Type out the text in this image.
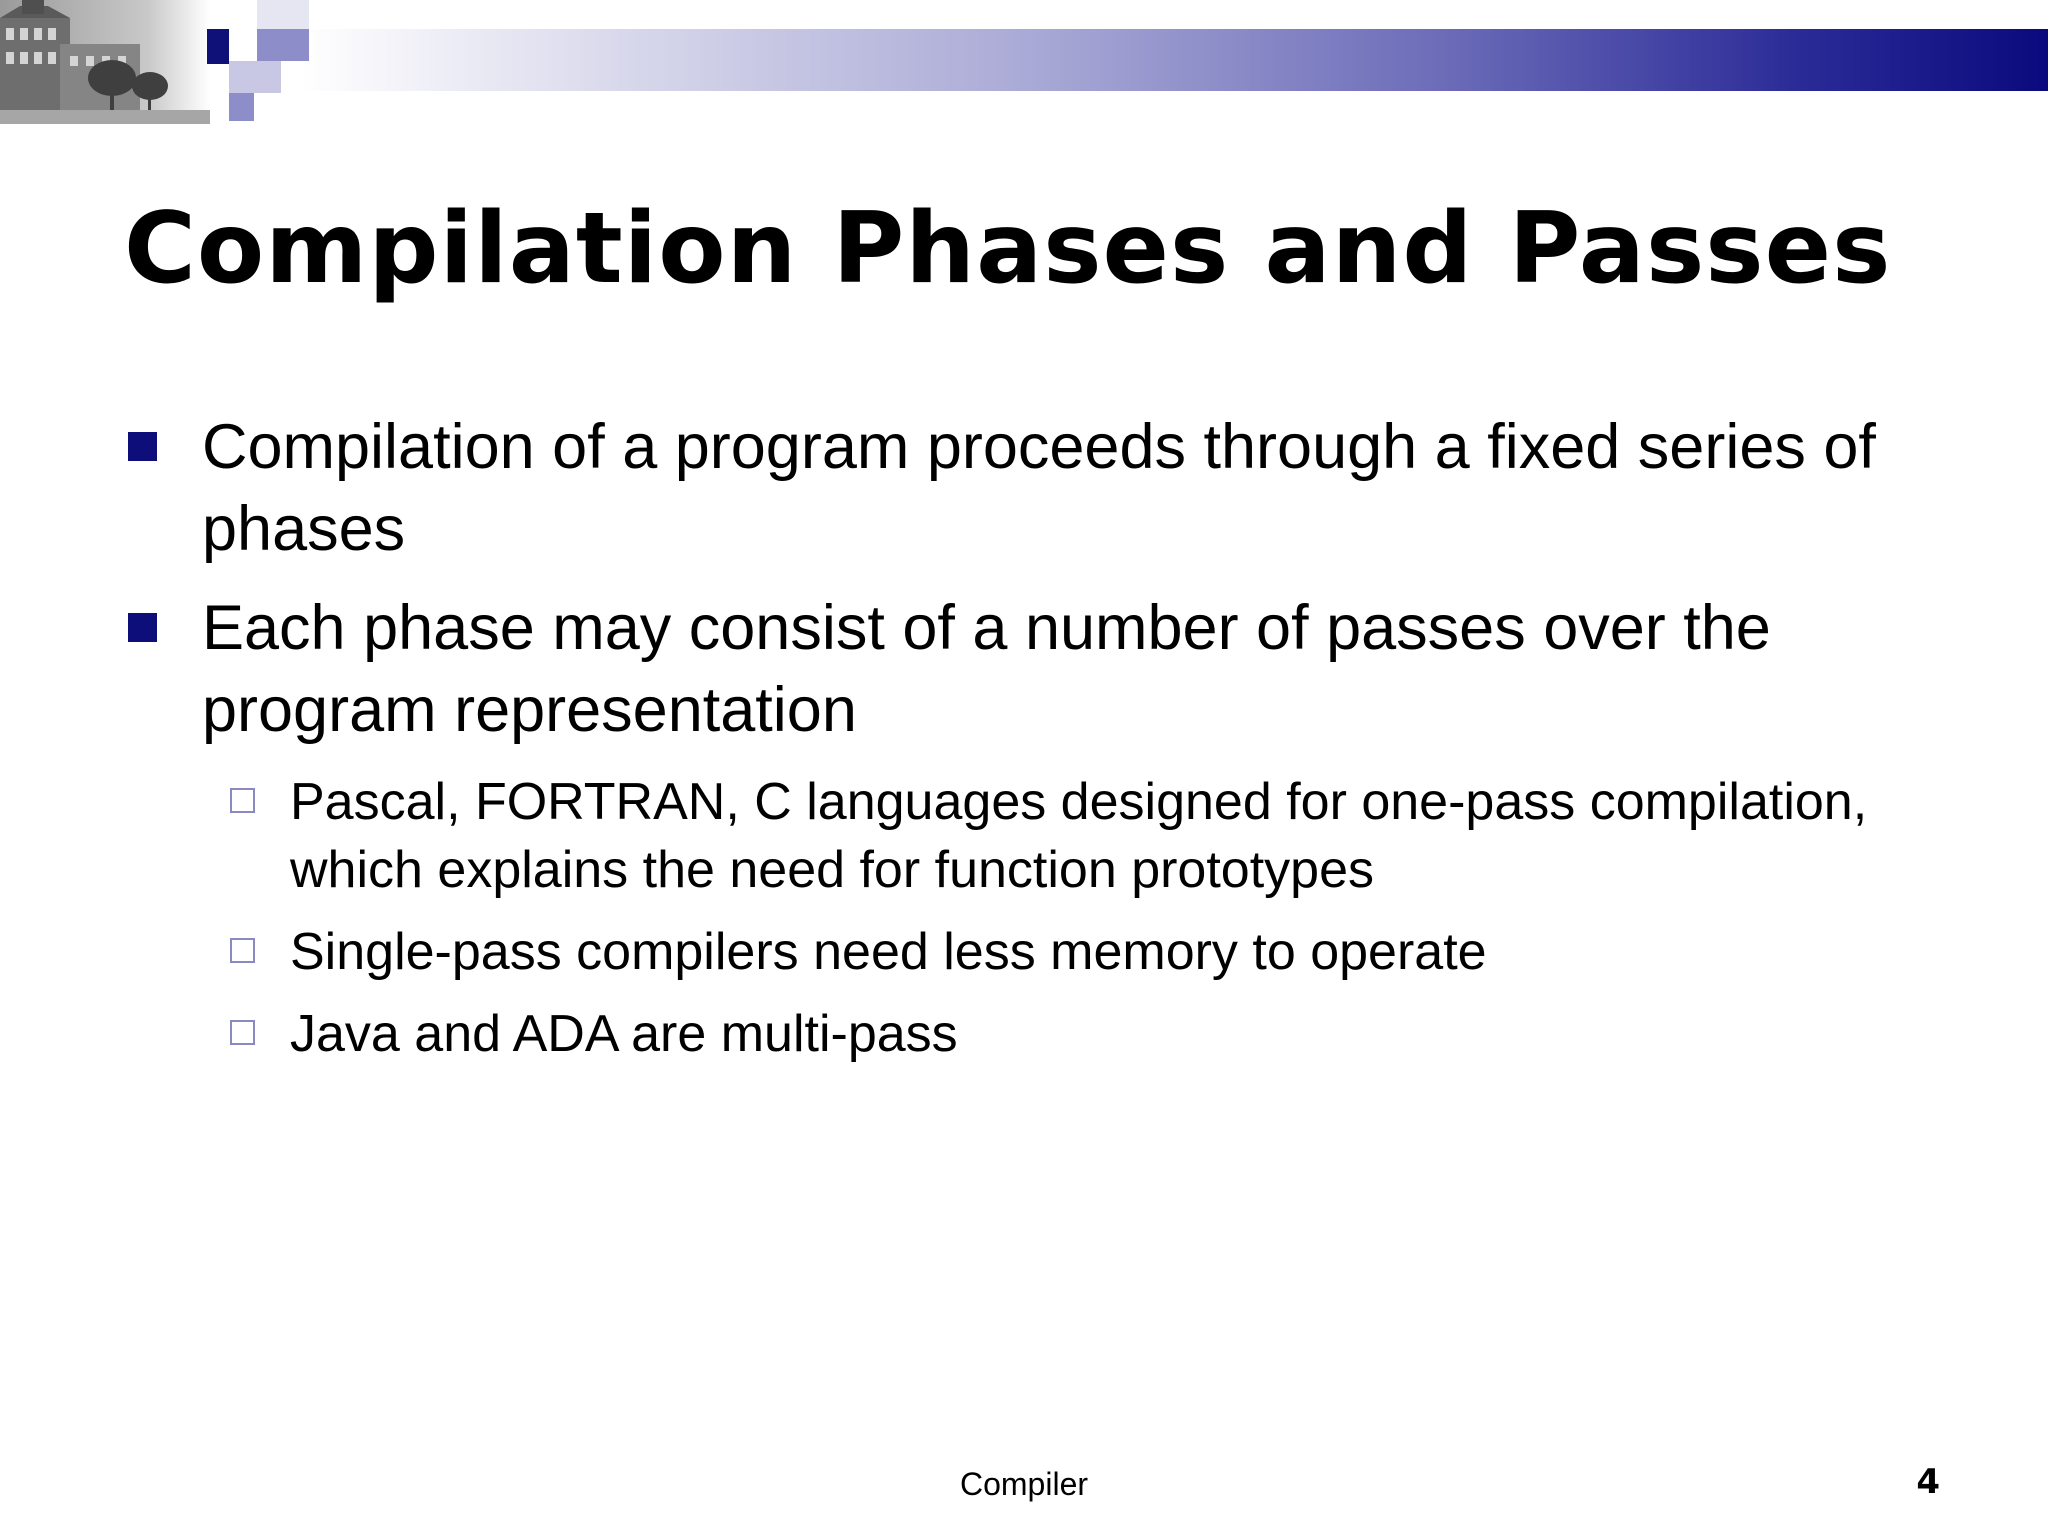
Compilation Phases and Passes
Compilation of a program proceeds through a fixed series of phases
Each phase may consist of a number of passes over the program representation
Pascal, FORTRAN, C languages designed for one-pass compilation, which explains the need for function prototypes
Single-pass compilers need less memory to operate
Java and ADA are multi-pass
Compiler	4
